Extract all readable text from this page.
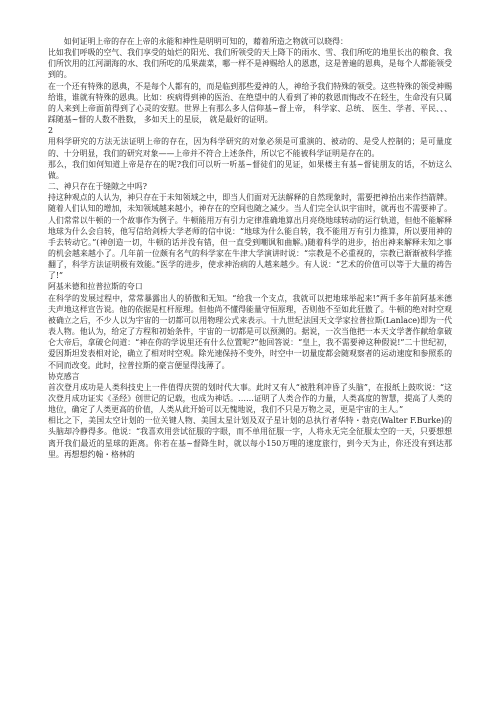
如何证明上帝的存在上帝的永能和神性是明明可知的，藉着所造之物就可以晓得：

比如我们呼吸的空气、我们享受的灿烂的阳光、我们所领受的天上降下的雨水、雪、我们所吃的地里长出的粮食、我们所饮用的江河湖海的水、我们所吃的瓜果蔬菜，哪一样不是神赐给人的恩惠，这是普遍的恩典，是每个人都能领受到的。

在一个还有特殊的恩典，不是每个人都有的，而是临到那些爱神的人，神给予我们特殊的领受。这些特殊的领受神赐给谁，谁就有特殊的恩典。比如：疾病得到神的医治、在绝望中的人看到了神的救恩而悔改不在轻生，生命没有只属的人来到上帝面前得到了心灵的安慰。世界上有那么多人信仰基~督上帝， 科学家、总统、 医生、学者、平民、、、踩随基~督的人数不胜数， 多如天上的星辰， 就是最好的证明。

2

用科学研究的方法无法证明上帝的存在，因为科学研究的对象必须是可重演的、被动的、是受人控制的；是可量度的、十分明显，我们的研究对象——上帝并不符合上述条件，所以它不能被科学证明是存在的。

那么，我们如何知道上帝是存在的呢?我们可以听一听基~督徒们的见证，如果楼主有基~督徒朋友的话，不妨这么做。

二、神只存在于缝隙之中吗?

持这种观点的人认为，神只存在于未知领域之中，即当人们面对无法解释的自然现象时，需要把神抬出来作挡箭牌。随着人们认知的增加，未知领域越来越小，神存在的空间也随之减少。当人们完全认识宇宙时，就再也不需要神了。人们常常以牛顿的一个故事作为例子。牛顿能用万有引力定律准确地算出月亮绕地球转动的运行轨道，但他不能解释地球为什么会自转，他写信给剑桥大学老师的信中说：“地球为什么能自转，我不能用万有引力推算，所以要用神的手去转动它。”(神创造一切，牛顿的话并没有错，但一直受到嘲讽和曲解。)随着科学的进步，抬出神来解释未知之事的机会越来越小了。几年前一位颇有名气的科学家在牛津大学演讲时说：“宗教是不必重视的，宗教已渐渐被科学推翻了，科学方法证明极有效能。”医学的进步，使求神治病的人越来越少。有人说：“艺术的价值可以等于大量的祷告了!”

阿基米德和拉普拉斯的夸口

在科学的发展过程中，常常暴露出人的骄傲和无知。“给我一个支点，我就可以把地球举起来!”两千多年前阿基米德夫声地这样宣告说。他的依据是杠杆原理。但他尚不懂得能量守恒原理，否则他不至如此狂傲了。牛顿的绝对时空观被确立之后，不少人以为宇宙的一切都可以用物理公式来表示。十九世纪法国天文学家拉普拉斯(Lanlace)即为一代表人物。他认为，给定了方程和初始条件，宇宙的一切都是可以预测的。据说，一次当他把一本天文学著作献给拿破仑大帝后，拿破仑问道：“神在你的学说里还有什么位置呢?”他回答说：“皇上，我不需要神这种假说!”二十世纪初，爱因斯坦发表相对论，确立了相对时空观。除光速保持不变外，时空中一切量度都会随观察者的运动速度和参照系的不同而改变。此时，拉普拉斯的豪言便显得浅薄了。

协克感言

首次登月成功是人类科技史上一件值得庆贺的划时代大事。此时又有人“被胜利冲昏了头脑”，在报纸上鼓吹说：“这次登月成功证实《圣经》创世记的记载，也成为神话。……证明了人类合作的力量，人类高度的智慧，提高了人类的地位，确定了人类更高的价值，人类从此开始可以无愧地说，我们不只是万物之灵，更是宇宙的主人。”

相比之下，美国太空计划的一位关键人物、美国太星计划及双子星计划的总执行者华特・勃克(Walter F.Burke)的头脑却冷静得多。他说：“我喜欢用尝试征服的字眼，而不单用征服一字，人将永无完全征服太空的一天，只要想想离开我们最近的星球的距离。你若在基~督降生时，就以每小150万哩的速度旅行，到今天为止，你还没有到达那里。再想想约翰・格林的
